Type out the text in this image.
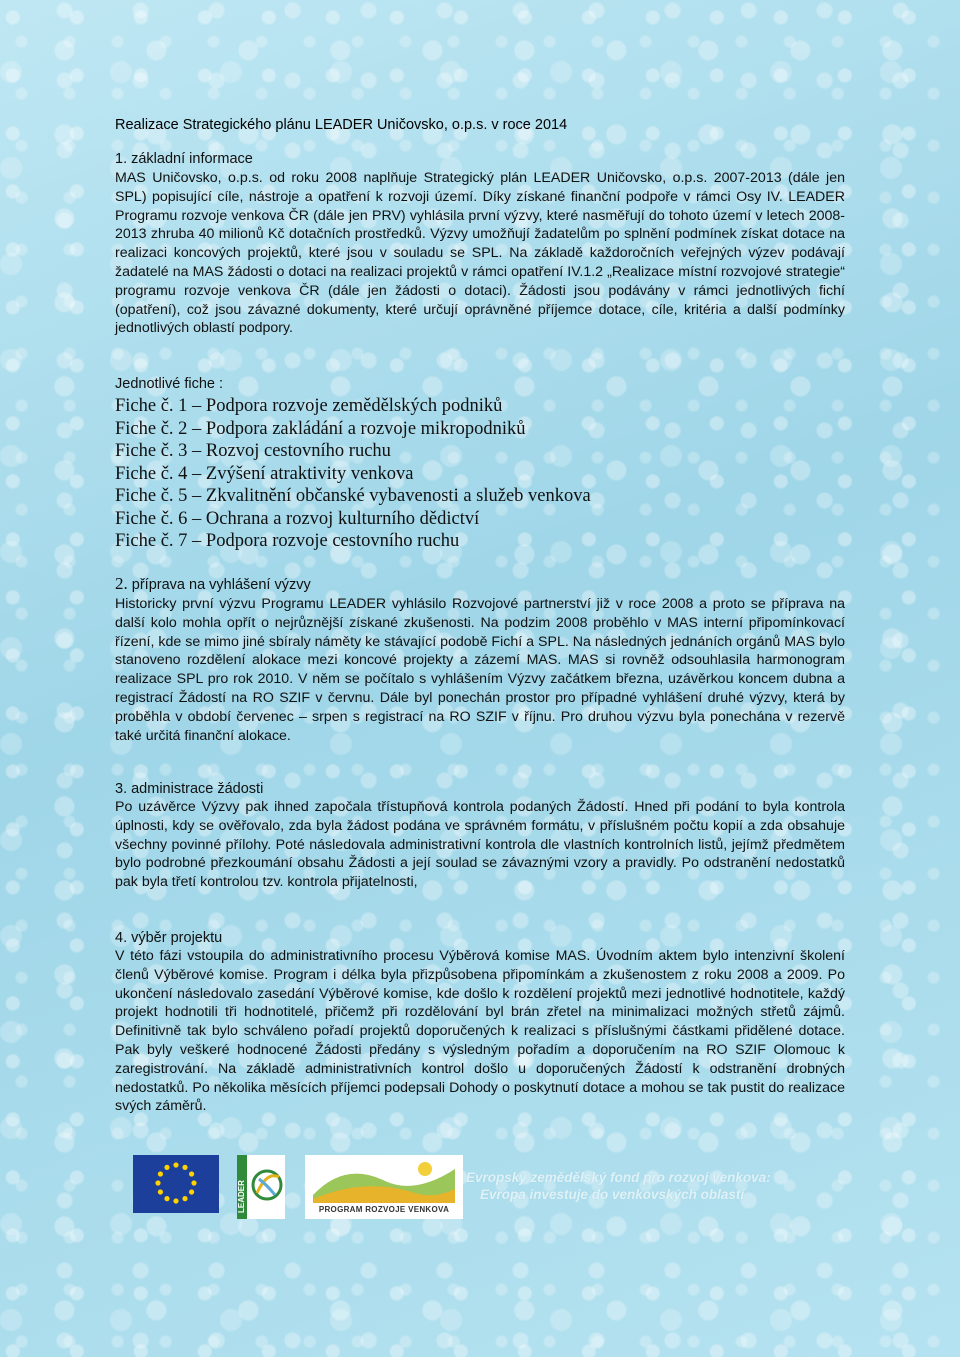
Realizace Strategického plánu LEADER Uničovsko, o.p.s. v roce 2014

1. základní informace

MAS Uničovsko, o.p.s. od roku 2008 naplňuje Strategický plán LEADER Uničovsko, o.p.s. 2007-2013 (dále jen SPL) popisující cíle, nástroje a opatření k rozvoji území. Díky získané finanční podpoře v rámci Osy IV. LEADER Programu rozvoje venkova ČR (dále jen PRV) vyhlásila první výzvy, které nasměřují do tohoto území v letech 2008-2013 zhruba 40 milionů Kč dotačních prostředků. Výzvy umožňují žadatelům po splnění podmínek získat dotace na realizaci koncových projektů, které jsou v souladu se SPL. Na základě každoročních veřejných výzev podávají žadatelé na MAS žádosti o dotaci na realizaci projektů v rámci opatření IV.1.2 „Realizace místní rozvojové strategie“ programu rozvoje venkova ČR (dále jen žádosti o dotaci). Žádosti jsou podávány v rámci jednotlivých fichí (opatření), což jsou závazné dokumenty, které určují oprávněné příjemce dotace, cíle, kritéria a další podmínky jednotlivých oblastí podpory.

Jednotlivé fiche :
Fiche č. 1 – Podpora rozvoje zemědělských podniků
Fiche č. 2 – Podpora zakládání a rozvoje mikropodniků
Fiche č. 3 – Rozvoj cestovního ruchu
Fiche č. 4 – Zvýšení atraktivity venkova
Fiche č. 5 – Zkvalitnění občanské vybavenosti a služeb venkova
Fiche č. 6 – Ochrana a rozvoj kulturního dědictví
Fiche č. 7 – Podpora rozvoje cestovního ruchu

2. příprava na vyhlášení výzvy

Historicky první výzvu Programu LEADER vyhlásilo Rozvojové partnerství již v roce 2008 a proto se příprava na další kolo mohla opřít o nejrůznější získané zkušenosti. Na podzim 2008 proběhlo v MAS interní připomínkovací řízení, kde se mimo jiné sbíraly náměty ke stávající podobě Fichí a SPL. Na následných jednáních orgánů MAS bylo stanoveno rozdělení alokace mezi koncové projekty a zázemí MAS. MAS si rovněž odsouhlasila harmonogram realizace SPL pro rok 2010. V něm se počítalo s vyhlášením Výzvy začátkem března, uzávěrkou koncem dubna a registrací Žádostí na RO SZIF v červnu. Dále byl ponechán prostor pro případné vyhlášení druhé výzvy, která by proběhla v období červenec – srpen s registrací na RO SZIF v říjnu. Pro druhou výzvu byla ponechána v rezervě také určitá finanční alokace.

3. administrace žádosti

Po uzávěrce Výzvy pak ihned započala třístupňová kontrola podaných Žádostí. Hned při podání to byla kontrola úplnosti, kdy se ověřovalo, zda byla žádost podána ve správném formátu, v příslušném počtu kopií a zda obsahuje všechny povinné přílohy. Poté následovala administrativní kontrola dle vlastních kontrolních listů, jejímž předmětem bylo podrobné přezkoumání obsahu Žádosti a její soulad se závaznými vzory a pravidly. Po odstranění nedostatků pak byla třetí kontrolou tzv. kontrola přijatelnosti,

4. výběr projektu

V této fázi vstoupila do administrativního procesu Výběrová komise MAS. Úvodním aktem bylo intenzivní školení členů Výběrové komise. Program i délka byla přizpůsobena připomínkám a zkušenostem z roku 2008 a 2009. Po ukončení následovalo zasedání Výběrové komise, kde došlo k rozdělení projektů mezi jednotlivé hodnotitele, každý projekt hodnotili tři hodnotitelé, přičemž při rozdělování byl brán zřetel na minimalizaci možných střetů zájmů. Definitivně tak bylo schváleno pořadí projektů doporučených k realizaci s příslušnými částkami přidělené dotace. Pak byly veškeré hodnocené Žádosti předány s výsledným pořadím a doporučením na RO SZIF Olomouc k zaregistrování. Na základě administrativních kontrol došlo u doporučených Žádostí k odstranění drobných nedostatků. Po několika měsících příjemci podepsali Dohody o poskytnutí dotace a mohou se tak pustit do realizace svých záměrů.

LEADER	PROGRAM ROZVOJE VENKOVA
Evropský zemědělský fond pro rozvoj venkova:
Evropa investuje do venkovských oblastí
